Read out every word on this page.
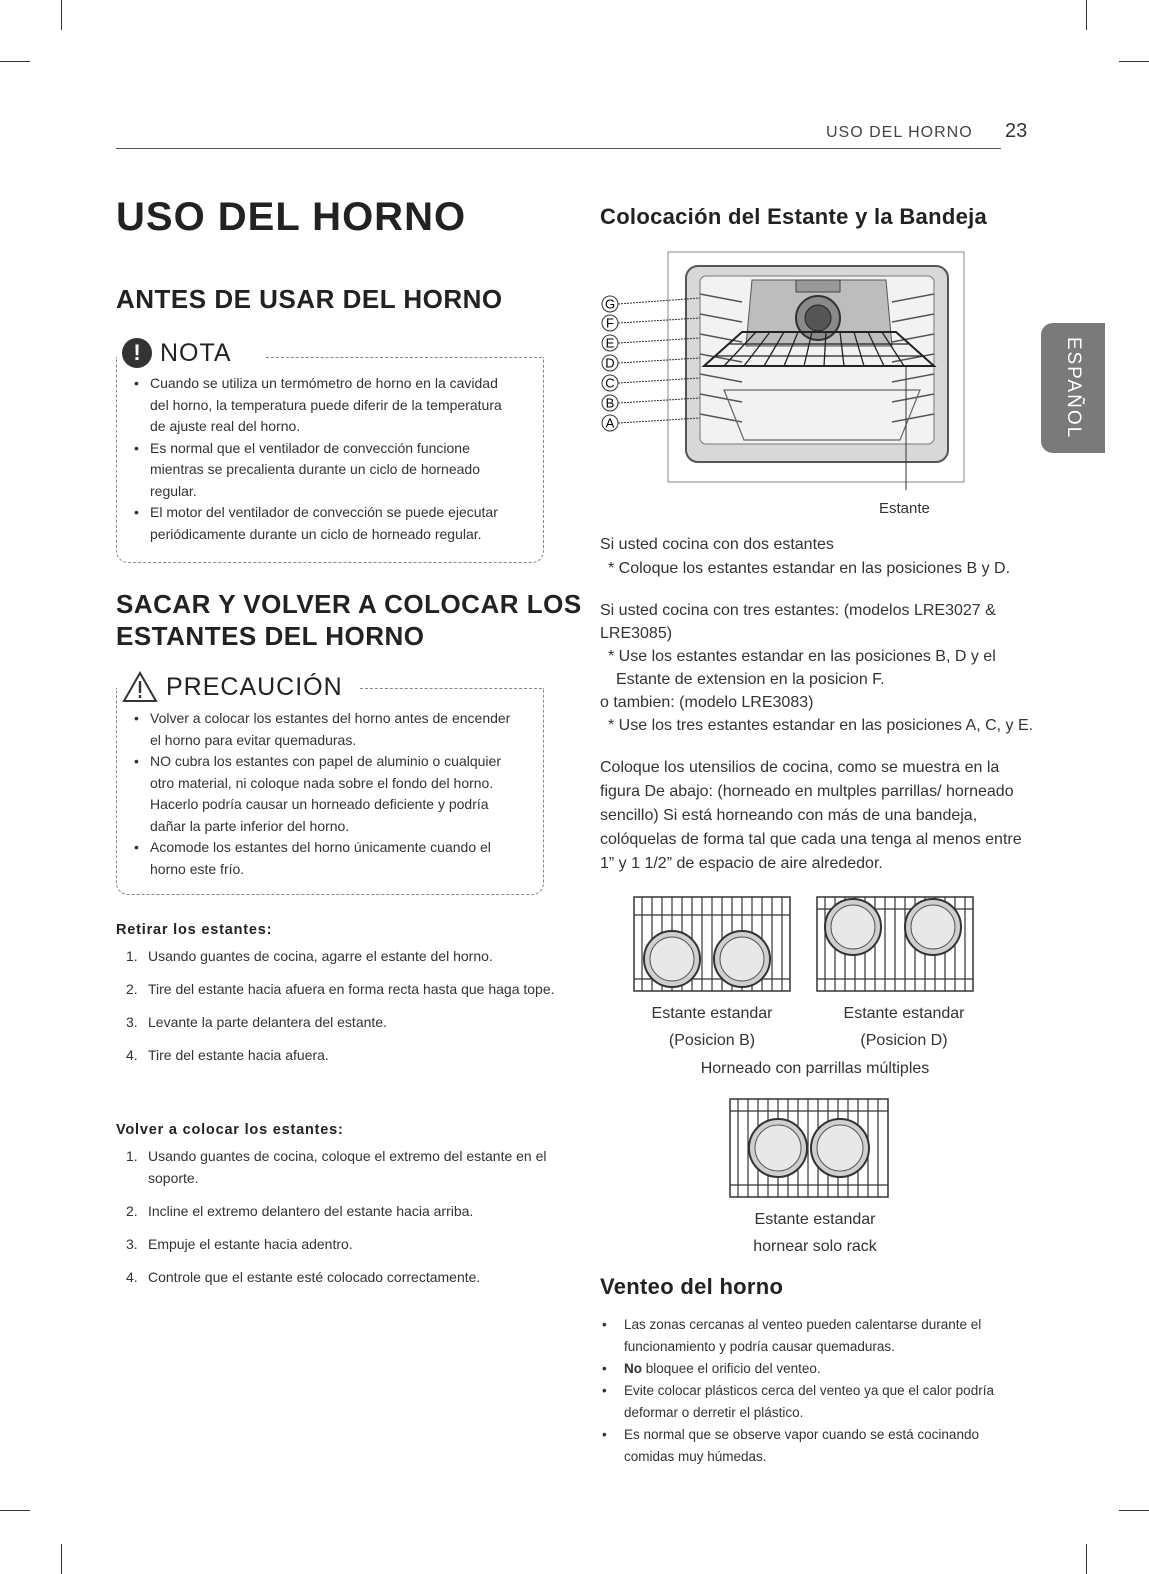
USO DEL HORNO 23
ESPAÑOL
USO DEL HORNO
ANTES DE USAR DEL HORNO
! NOTA
• Cuando se utiliza un termómetro de horno en la cavidad del horno, la temperatura puede diferir de la temperatura de ajuste real del horno.
• Es normal que el ventilador de convección funcione mientras se precalienta durante un ciclo de horneado regular.
• El motor del ventilador de convección se puede ejecutar periódicamente durante un ciclo de horneado regular.
SACAR Y VOLVER A COLOCAR LOS
ESTANTES DEL HORNO
PRECAUCIÓN
• Volver a colocar los estantes del horno antes de encender el horno para evitar quemaduras.
• NO cubra los estantes con papel de aluminio o cualquier otro material, ni coloque nada sobre el fondo del horno. Hacerlo podría causar un horneado deficiente y podría dañar la parte inferior del horno.
• Acomode los estantes del horno únicamente cuando el horno este frío.
Retirar los estantes:
1. Usando guantes de cocina, agarre el estante del horno.
2. Tire del estante hacia afuera en forma recta hasta que haga tope.
3. Levante la parte delantera del estante.
4. Tire del estante hacia afuera.
Volver a colocar los estantes:
1. Usando guantes de cocina, coloque el extremo del estante en el soporte.
2. Incline el extremo delantero del estante hacia arriba.
3. Empuje el estante hacia adentro.
4. Controle que el estante esté colocado correctamente.
Colocación del Estante y la Bandeja
G
F
E
D
C
B
A
Estante
Si usted cocina con dos estantes
* Coloque los estantes estandar en las posiciones B y D.
Si usted cocina con tres estantes: (modelos LRE3027 & LRE3085)
* Use los estantes estandar en las posiciones B, D y el
Estante de extension en la posicion F.
o tambien: (modelo LRE3083)
* Use los tres estantes estandar en las posiciones A, C, y E.
Coloque los utensilios de cocina, como se muestra en la figura De abajo: (horneado en multples parrillas/ horneado sencillo) Si está horneando con más de una bandeja, colóquelas de forma tal que cada una tenga al menos entre 1” y 1 1/2” de espacio de aire alrededor.
Estante estandar
(Posicion B)
Estante estandar
(Posicion D)
Horneado con parrillas múltiples
Estante estandar
hornear solo rack
Venteo del horno
• Las zonas cercanas al venteo pueden calentarse durante el funcionamiento y podría causar quemaduras.
• No bloquee el orificio del venteo.
• Evite colocar plásticos cerca del venteo ya que el calor podría deformar o derretir el plástico.
• Es normal que se observe vapor cuando se está cocinando comidas muy húmedas.
